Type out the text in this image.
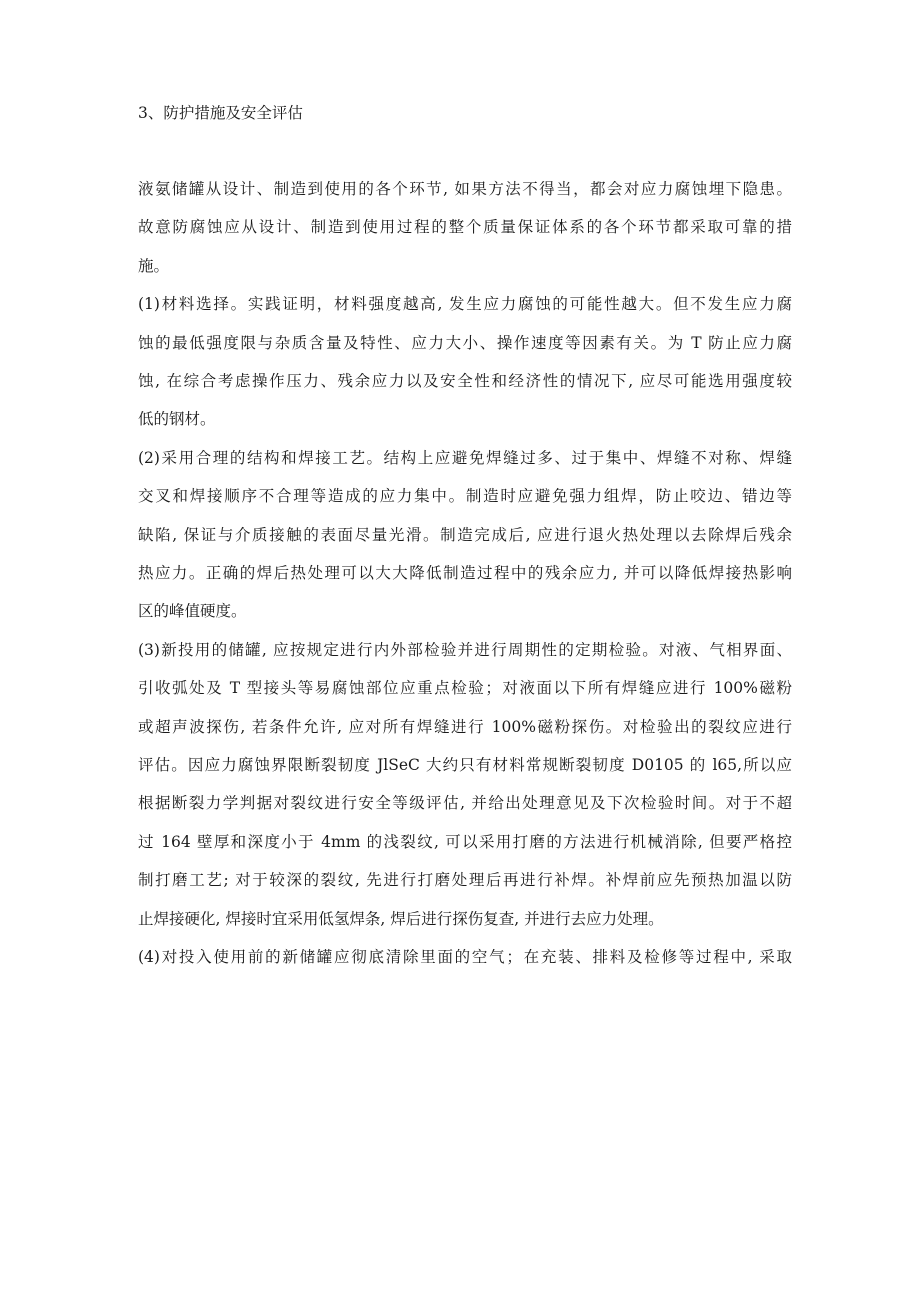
3、防护措施及安全评估
液氨储罐从设计、制造到使用的各个环节, 如果方法不得当，都会对应力腐蚀埋下隐患。
故意防腐蚀应从设计、制造到使用过程的整个质量保证体系的各个环节都采取可靠的措
施。
(1)材料选择。实践证明，材料强度越高, 发生应力腐蚀的可能性越大。但不发生应力腐
蚀的最低强度限与杂质含量及特性、应力大小、操作速度等因素有关。为 T 防止应力腐
蚀, 在综合考虑操作压力、残余应力以及安全性和经济性的情况下, 应尽可能选用强度较
低的钢材。
(2)采用合理的结构和焊接工艺。结构上应避免焊缝过多、过于集中、焊缝不对称、焊缝
交叉和焊接顺序不合理等造成的应力集中。制造时应避免强力组焊，防止咬边、错边等
缺陷, 保证与介质接触的表面尽量光滑。制造完成后, 应进行退火热处理以去除焊后残余
热应力。正确的焊后热处理可以大大降低制造过程中的残余应力, 并可以降低焊接热影响
区的峰值硬度。
(3)新投用的储罐, 应按规定进行内外部检验并进行周期性的定期检验。对液、气相界面、
引收弧处及 T 型接头等易腐蚀部位应重点检验；对液面以下所有焊缝应进行 100%磁粉
或超声波探伤, 若条件允许, 应对所有焊缝进行 100%磁粉探伤。对检验出的裂纹应进行
评估。因应力腐蚀界限断裂韧度 JlSeC 大约只有材料常规断裂韧度 D0105 的 l65,所以应
根据断裂力学判据对裂纹进行安全等级评估, 并给出处理意见及下次检验时间。对于不超
过 164 壁厚和深度小于 4mm 的浅裂纹, 可以采用打磨的方法进行机械消除, 但要严格控
制打磨工艺; 对于较深的裂纹, 先进行打磨处理后再进行补焊。补焊前应先预热加温以防
止焊接硬化, 焊接时宜采用低氢焊条, 焊后进行探伤复查, 并进行去应力处理。
(4)对投入使用前的新储罐应彻底清除里面的空气；在充装、排料及检修等过程中, 采取
